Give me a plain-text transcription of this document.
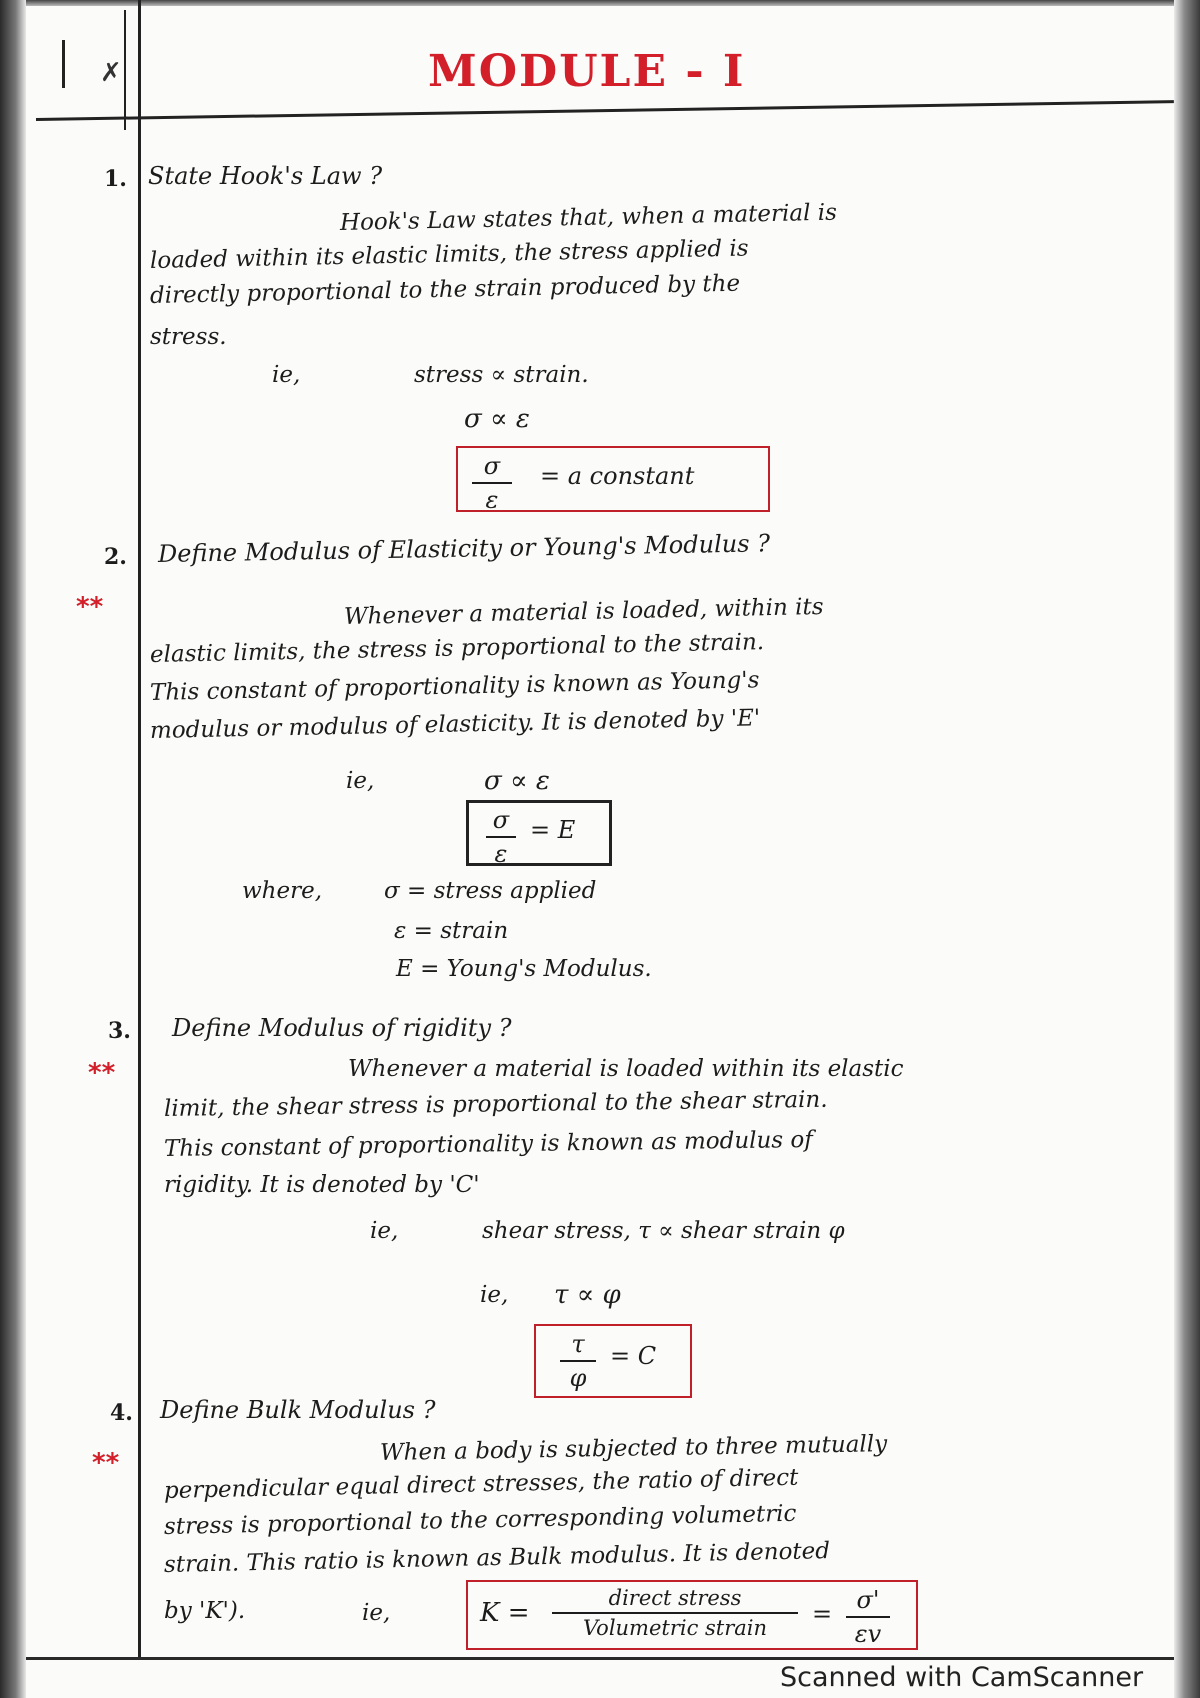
✗	MODULE - I
1. State Hook's Law ?
Hook's Law states that, when a material is
loaded within its elastic limits, the stress applied is
directly proportional to the strain produced by the
stress.
ie,	stress ∝ strain.
σ ∝ ε
σ
ε
= a constant
2.
**
Define Modulus of Elasticity or Young's Modulus ?
Whenever a material is loaded, within its
elastic limits, the stress is proportional to the strain.
This constant of proportionality is known as Young's
modulus or modulus of elasticity. It is denoted by 'E'
ie,	σ ∝ ε
σ
ε
= E
where,	σ = stress applied
ε = strain
E = Young's Modulus.
3.
**
Define Modulus of rigidity ?
Whenever a material is loaded within its elastic
limit, the shear stress is proportional to the shear strain.
This constant of proportionality is known as modulus of
rigidity. It is denoted by 'C'
ie,	shear stress, τ ∝ shear strain φ
ie, τ ∝ φ
τ
φ
= C
4.
**
Define Bulk Modulus ?
When a body is subjected to three mutually
perpendicular equal direct stresses, the ratio of direct
stress is proportional to the corresponding volumetric
strain. This ratio is known as Bulk modulus. It is denoted
by 'K').	ie,	K =	direct stress
Volumetric strain = σ'
εv
Scanned with CamScanner
